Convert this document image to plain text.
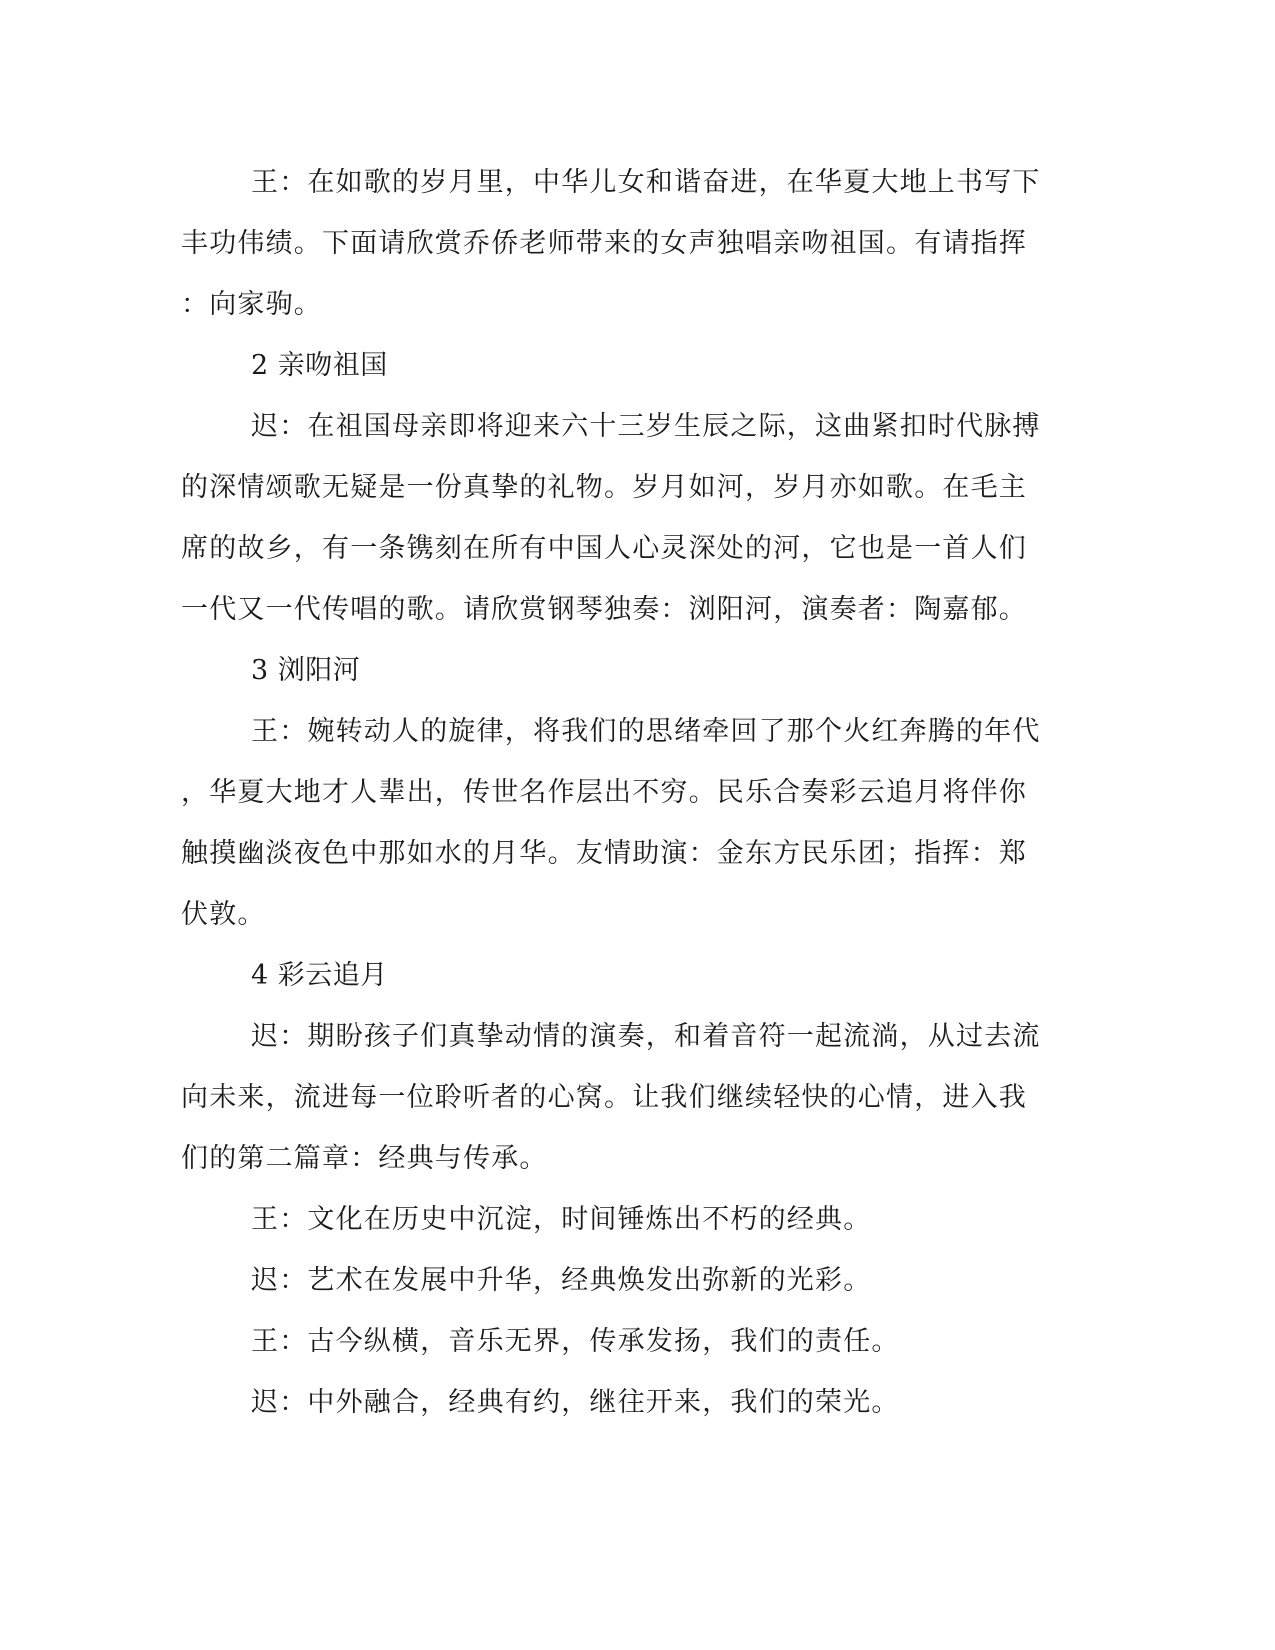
王：在如歌的岁月里，中华儿女和谐奋进，在华夏大地上书写下
丰功伟绩。下面请欣赏乔侨老师带来的女声独唱亲吻祖国。有请指挥
：向家驹。
2 亲吻祖国
迟：在祖国母亲即将迎来六十三岁生辰之际，这曲紧扣时代脉搏
的深情颂歌无疑是一份真挚的礼物。岁月如河，岁月亦如歌。在毛主
席的故乡，有一条镌刻在所有中国人心灵深处的河，它也是一首人们
一代又一代传唱的歌。请欣赏钢琴独奏：浏阳河，演奏者：陶嘉郁。
3 浏阳河
王：婉转动人的旋律，将我们的思绪牵回了那个火红奔腾的年代
，华夏大地才人辈出，传世名作层出不穷。民乐合奏彩云追月将伴你
触摸幽淡夜色中那如水的月华。友情助演：金东方民乐团；指挥：郑
伏敦。
4 彩云追月
迟：期盼孩子们真挚动情的演奏，和着音符一起流淌，从过去流
向未来，流进每一位聆听者的心窝。让我们继续轻快的心情，进入我
们的第二篇章：经典与传承。
王：文化在历史中沉淀，时间锤炼出不朽的经典。
迟：艺术在发展中升华，经典焕发出弥新的光彩。
王：古今纵横，音乐无界，传承发扬，我们的责任。
迟：中外融合，经典有约，继往开来，我们的荣光。
